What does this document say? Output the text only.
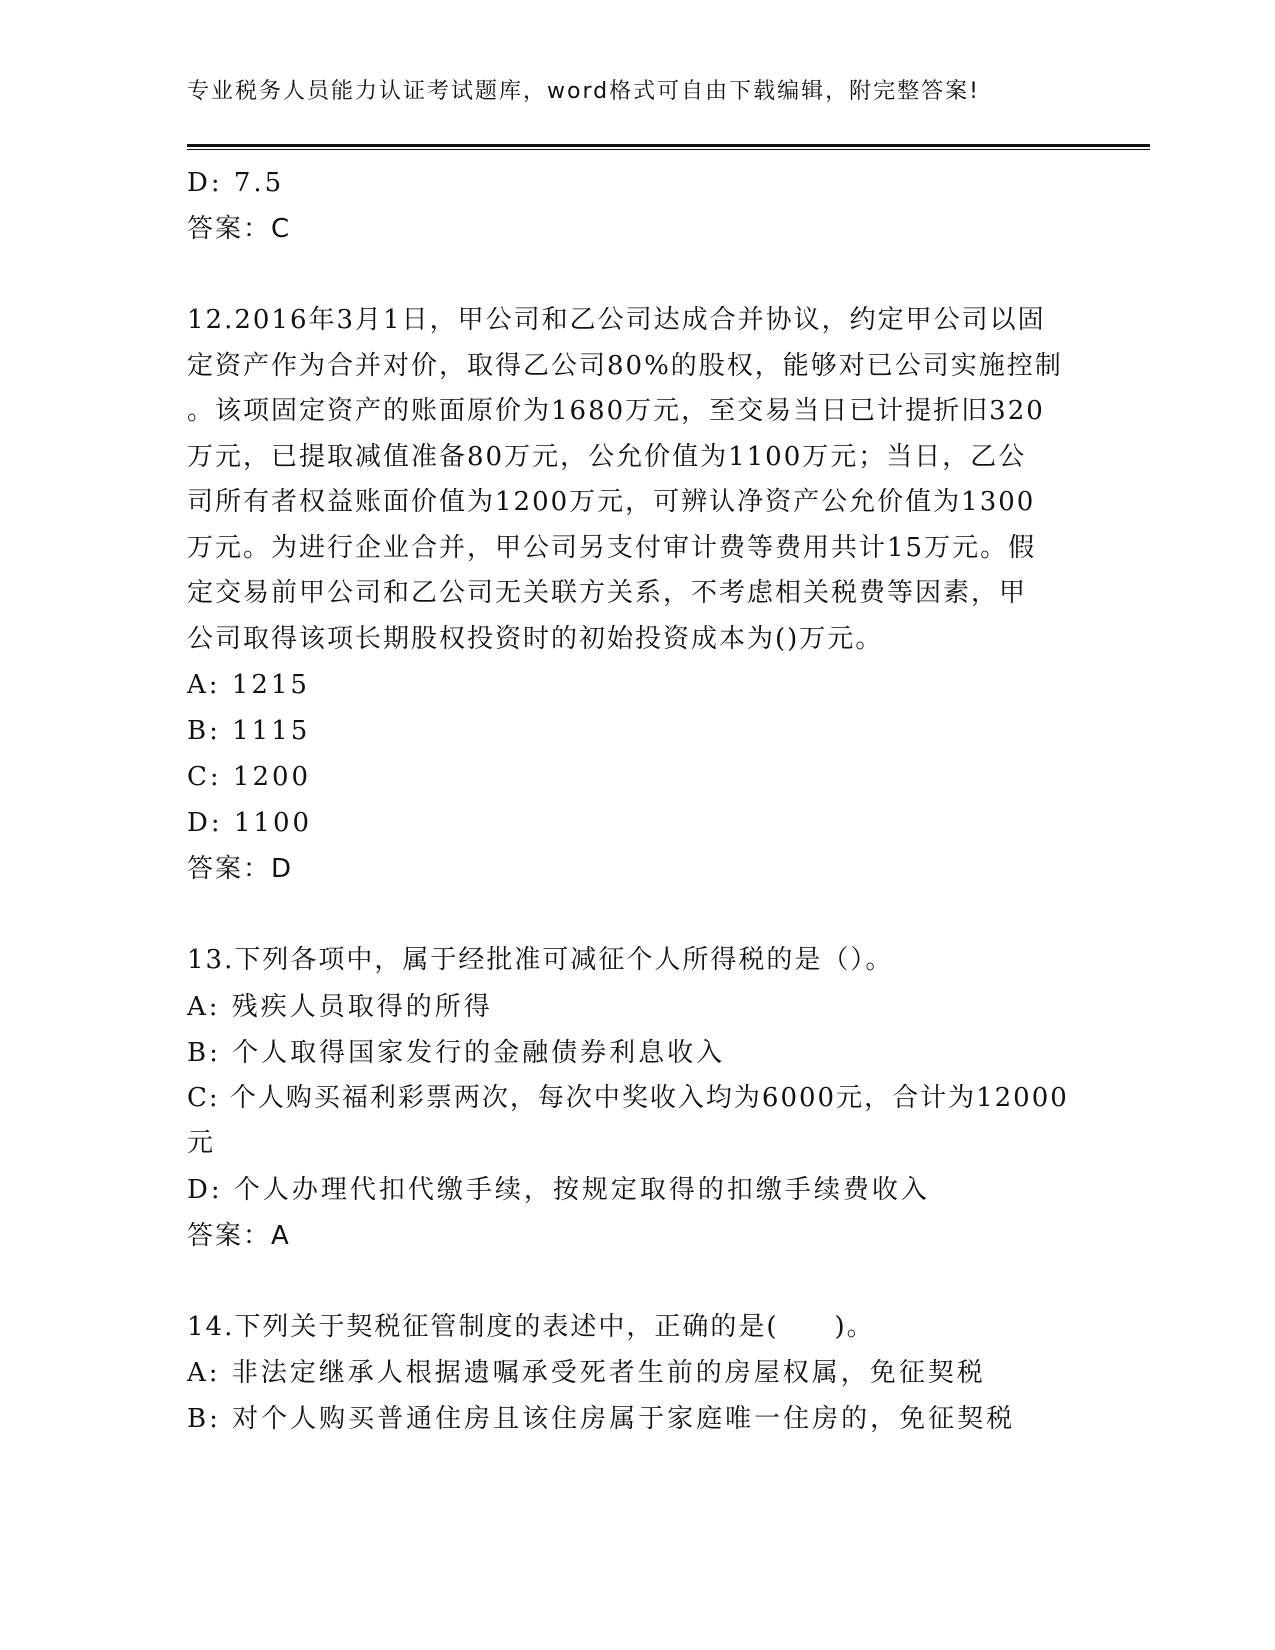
专业税务人员能力认证考试题库，word格式可自由下载编辑，附完整答案!
D: 7.5
答案：C
12.2016年3月1日，甲公司和乙公司达成合并协议，约定甲公司以固
定资产作为合并对价，取得乙公司80%的股权，能够对已公司实施控制
。该项固定资产的账面原价为1680万元，至交易当日已计提折旧320
万元，已提取减值准备80万元，公允价值为1100万元；当日，乙公
司所有者权益账面价值为1200万元，可辨认净资产公允价值为1300
万元。为进行企业合并，甲公司另支付审计费等费用共计15万元。假
定交易前甲公司和乙公司无关联方关系，不考虑相关税费等因素，甲
公司取得该项长期股权投资时的初始投资成本为()万元。
A: 1215
B: 1115
C: 1200
D: 1100
答案：D
13.下列各项中，属于经批准可减征个人所得税的是（）。
A: 残疾人员取得的所得
B: 个人取得国家发行的金融债券利息收入
C: 个人购买福利彩票两次，每次中奖收入均为6000元，合计为12000
元
D: 个人办理代扣代缴手续，按规定取得的扣缴手续费收入
答案：A
14.下列关于契税征管制度的表述中，正确的是(　　)。
A: 非法定继承人根据遗嘱承受死者生前的房屋权属，免征契税
B: 对个人购买普通住房且该住房属于家庭唯一住房的，免征契税
